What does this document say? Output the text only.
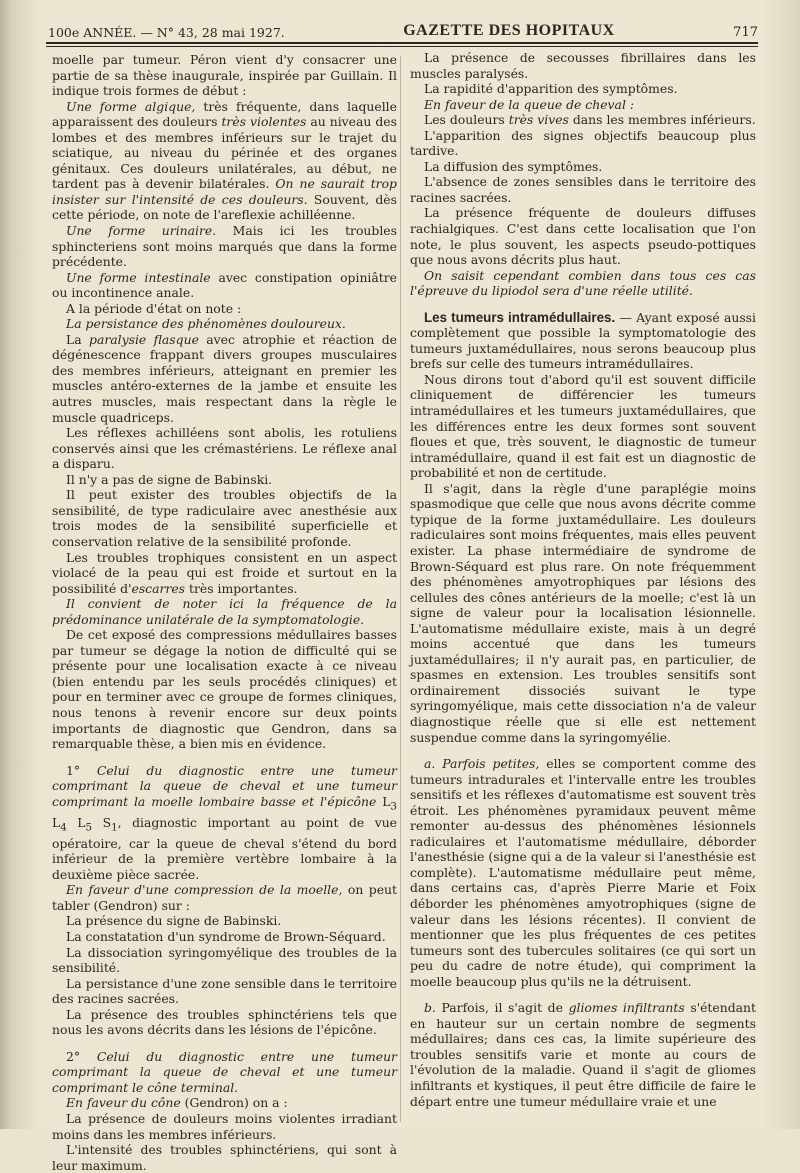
100e ANNÉE. — N° 43, 28 mai 1927.	GAZETTE DES HOPITAUX	717

moelle par tumeur. Péron vient d'y consacrer une partie de sa thèse inaugurale, inspirée par Guillain. Il indique trois formes de début :

Une forme algique, très fréquente, dans laquelle apparaissent des douleurs très violentes au niveau des lombes et des membres inférieurs sur le trajet du sciatique, au niveau du périnée et des organes génitaux. Ces douleurs unilatérales, au début, ne tardent pas à devenir bilatérales. On ne saurait trop insister sur l'intensité de ces douleurs. Souvent, dès cette période, on note de l'areflexie achilléenne.

Une forme urinaire. Mais ici les troubles sphincteriens sont moins marqués que dans la forme précédente.

Une forme intestinale avec constipation opiniâtre ou incontinence anale.

A la période d'état on note :

La persistance des phénomènes douloureux.

La paralysie flasque avec atrophie et réaction de dégénescence frappant divers groupes musculaires des membres inférieurs, atteignant en premier les muscles antéro-externes de la jambe et ensuite les autres muscles, mais respectant dans la règle le muscle quadriceps.

Les réflexes achilléens sont abolis, les rotuliens conservés ainsi que les crémastériens. Le réflexe anal a disparu.

Il n'y a pas de signe de Babinski.

Il peut exister des troubles objectifs de la sensibilité, de type radiculaire avec anesthésie aux trois modes de la sensibilité superficielle et conservation relative de la sensibilité profonde.

Les troubles trophiques consistent en un aspect violacé de la peau qui est froide et surtout en la possibilité d'escarres très importantes.

Il convient de noter ici la fréquence de la prédominance unilatérale de la symptomatologie.

De cet exposé des compressions médullaires basses par tumeur se dégage la notion de difficulté qui se présente pour une localisation exacte à ce niveau (bien entendu par les seuls procédés cliniques) et pour en terminer avec ce groupe de formes cliniques, nous tenons à revenir encore sur deux points importants de diagnostic que Gendron, dans sa remarquable thèse, a bien mis en évidence.

1° Celui du diagnostic entre une tumeur comprimant la queue de cheval et une tumeur comprimant la moelle lombaire basse et l'épicône $L_3$ $L_4$ $L_5$ $S_1$, diagnostic important au point de vue opératoire, car la queue de cheval s'étend du bord inférieur de la première vertèbre lombaire à la deuxième pièce sacrée.

En faveur d'une compression de la moelle, on peut tabler (Gendron) sur :

La présence du signe de Babinski.

La constatation d'un syndrome de Brown-Séquard.

La dissociation syringomyélique des troubles de la sensibilité.

La persistance d'une zone sensible dans le territoire des racines sacrées.

La présence des troubles sphinctériens tels que nous les avons décrits dans les lésions de l'épicône.

2° Celui du diagnostic entre une tumeur comprimant la queue de cheval et une tumeur comprimant le cône terminal.

En faveur du cône (Gendron) on a :

La présence de douleurs moins violentes irradiant moins dans les membres inférieurs.

L'intensité des troubles sphinctériens, qui sont à leur maximum.

La présence de secousses fibrillaires dans les muscles paralysés.

La rapidité d'apparition des symptômes.

En faveur de la queue de cheval :

Les douleurs très vives dans les membres inférieurs.

L'apparition des signes objectifs beaucoup plus tardive.

La diffusion des symptômes.

L'absence de zones sensibles dans le territoire des racines sacrées.

La présence fréquente de douleurs diffuses rachialgiques. C'est dans cette localisation que l'on note, le plus souvent, les aspects pseudo-pottiques que nous avons décrits plus haut.

On saisit cependant combien dans tous ces cas l'épreuve du lipiodol sera d'une réelle utilité.

Les tumeurs intramédullaires. — Ayant exposé aussi complètement que possible la symptomatologie des tumeurs juxtamédullaires, nous serons beaucoup plus brefs sur celle des tumeurs intramédullaires.

Nous dirons tout d'abord qu'il est souvent difficile cliniquement de différencier les tumeurs intramédullaires et les tumeurs juxtamédullaires, que les différences entre les deux formes sont souvent floues et que, très souvent, le diagnostic de tumeur intramédullaire, quand il est fait est un diagnostic de probabilité et non de certitude.

Il s'agit, dans la règle d'une paraplégie moins spasmodique que celle que nous avons décrite comme typique de la forme juxtamédullaire. Les douleurs radiculaires sont moins fréquentes, mais elles peuvent exister. La phase intermédiaire de syndrome de Brown-Séquard est plus rare. On note fréquemment des phénomènes amyotrophiques par lésions des cellules des cônes antérieurs de la moelle; c'est là un signe de valeur pour la localisation lésionnelle. L'automatisme médullaire existe, mais à un degré moins accentué que dans les tumeurs juxtamédullaires; il n'y aurait pas, en particulier, de spasmes en extension. Les troubles sensitifs sont ordinairement dissociés suivant le type syringomyélique, mais cette dissociation n'a de valeur diagnostique réelle que si elle est nettement suspendue comme dans la syringomyélie.

a. Parfois petites, elles se comportent comme des tumeurs intradurales et l'intervalle entre les troubles sensitifs et les réflexes d'automatisme est souvent très étroit. Les phénomènes pyramidaux peuvent même remonter au-dessus des phénomènes lésionnels radiculaires et l'automatisme médullaire, déborder l'anesthésie (signe qui a de la valeur si l'anesthésie est complète). L'automatisme médullaire peut même, dans certains cas, d'après Pierre Marie et Foix déborder les phénomènes amyotrophiques (signe de valeur dans les lésions récentes). Il convient de mentionner que les plus fréquentes de ces petites tumeurs sont des tubercules solitaires (ce qui sort un peu du cadre de notre étude), qui compriment la moelle beaucoup plus qu'ils ne la détruisent.

b. Parfois, il s'agit de gliomes infiltrants s'étendant en hauteur sur un certain nombre de segments médullaires; dans ces cas, la limite supérieure des troubles sensitifs varie et monte au cours de l'évolution de la maladie. Quand il s'agit de gliomes infiltrants et kystiques, il peut être difficile de faire le départ entre une tumeur médullaire vraie et une
